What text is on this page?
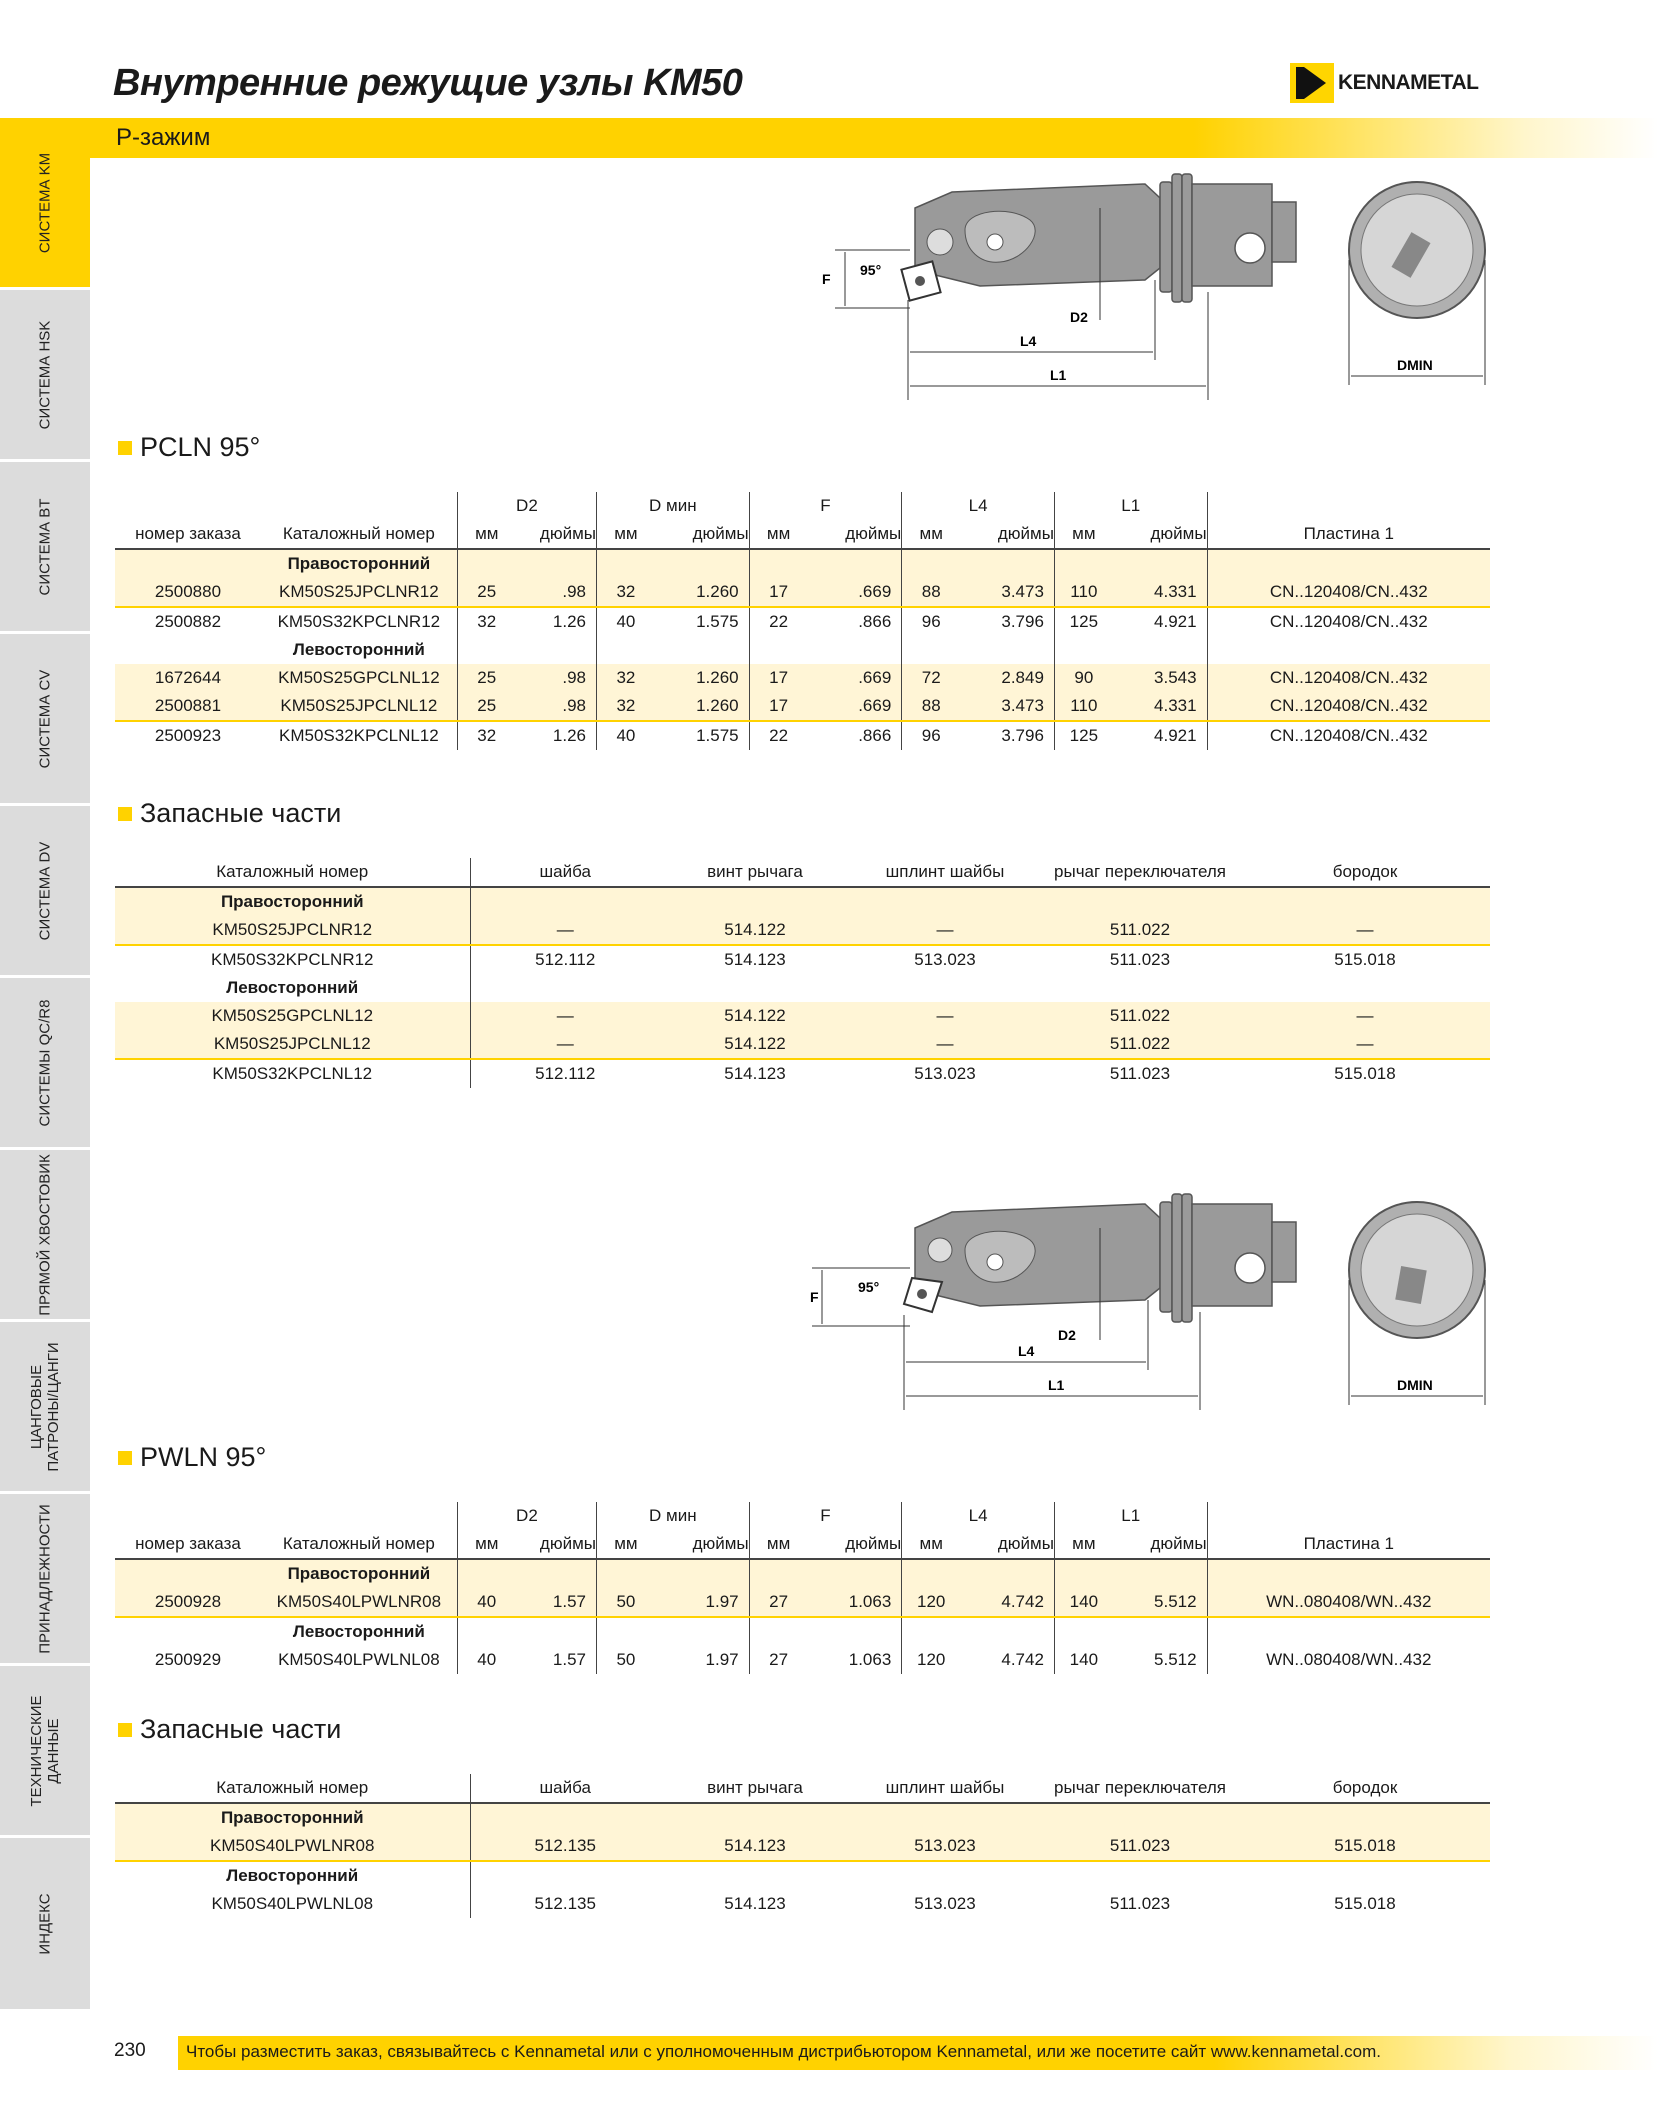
Внутренние режущие узлы KM50	KENNAMETAL
P-зажим
СИСТЕМА KM
СИСТЕМА HSK
СИСТЕМА BT
СИСТЕМА CV
СИСТЕМА DV
СИСТЕМЫ QC/R8
ПРЯМОЙ ХВОСТОВИК
ЦАНГОВЫЕ ПАТРОНЫ/ЦАНГИ
ПРИНАДЛЕЖНОСТИ
ТЕХНИЧЕСКИЕ ДАННЫЕ
ИНДЕКС
F
95°
D2
L4
L1
DMIN
PCLN 95°
		D2		D мин		F		L4		L1		
номер заказа	Каталожный номер	мм	дюймы	мм	дюймы	мм	дюймы	мм	дюймы	мм	дюймы	Пластина 1
	Правосторонний											
2500880	KM50S25JPCLNR12	25	.98	32	1.260	17	.669	88	3.473	110	4.331	CN..120408/CN..432
2500882	KM50S32KPCLNR12	32	1.26	40	1.575	22	.866	96	3.796	125	4.921	CN..120408/CN..432
	Левосторонний											
1672644	KM50S25GPCLNL12	25	.98	32	1.260	17	.669	72	2.849	90	3.543	CN..120408/CN..432
2500881	KM50S25JPCLNL12	25	.98	32	1.260	17	.669	88	3.473	110	4.331	CN..120408/CN..432
2500923	KM50S32KPCLNL12	32	1.26	40	1.575	22	.866	96	3.796	125	4.921	CN..120408/CN..432
Запасные части
Каталожный номер	шайба	винт рычага	шплинт шайбы	рычаг переключателя	бородок
Правосторонний					
KM50S25JPCLNR12	—	514.122	—	511.022	—
KM50S32KPCLNR12	512.112	514.123	513.023	511.023	515.018
Левосторонний					
KM50S25GPCLNL12	—	514.122	—	511.022	—
KM50S25JPCLNL12	—	514.122	—	511.022	—
KM50S32KPCLNL12	512.112	514.123	513.023	511.023	515.018
F
95°
D2
L4
L1	DMIN
PWLN 95°
		D2		D мин		F		L4		L1		
номер заказа	Каталожный номер	мм	дюймы	мм	дюймы	мм	дюймы	мм	дюймы	мм	дюймы	Пластина 1
	Правосторонний											
2500928	KM50S40LPWLNR08	40	1.57	50	1.97	27	1.063	120	4.742	140	5.512	WN..080408/WN..432
	Левосторонний											
2500929	KM50S40LPWLNL08	40	1.57	50	1.97	27	1.063	120	4.742	140	5.512	WN..080408/WN..432
Запасные части
Каталожный номер	шайба	винт рычага	шплинт шайбы	рычаг переключателя	бородок
Правосторонний					
KM50S40LPWLNR08	512.135	514.123	513.023	511.023	515.018
Левосторонний					
KM50S40LPWLNL08	512.135	514.123	513.023	511.023	515.018
230 Чтобы разместить заказ, связывайтесь с Kennametal или с уполномоченным дистрибьютором Kennametal, или же посетите сайт www.kennametal.com.
